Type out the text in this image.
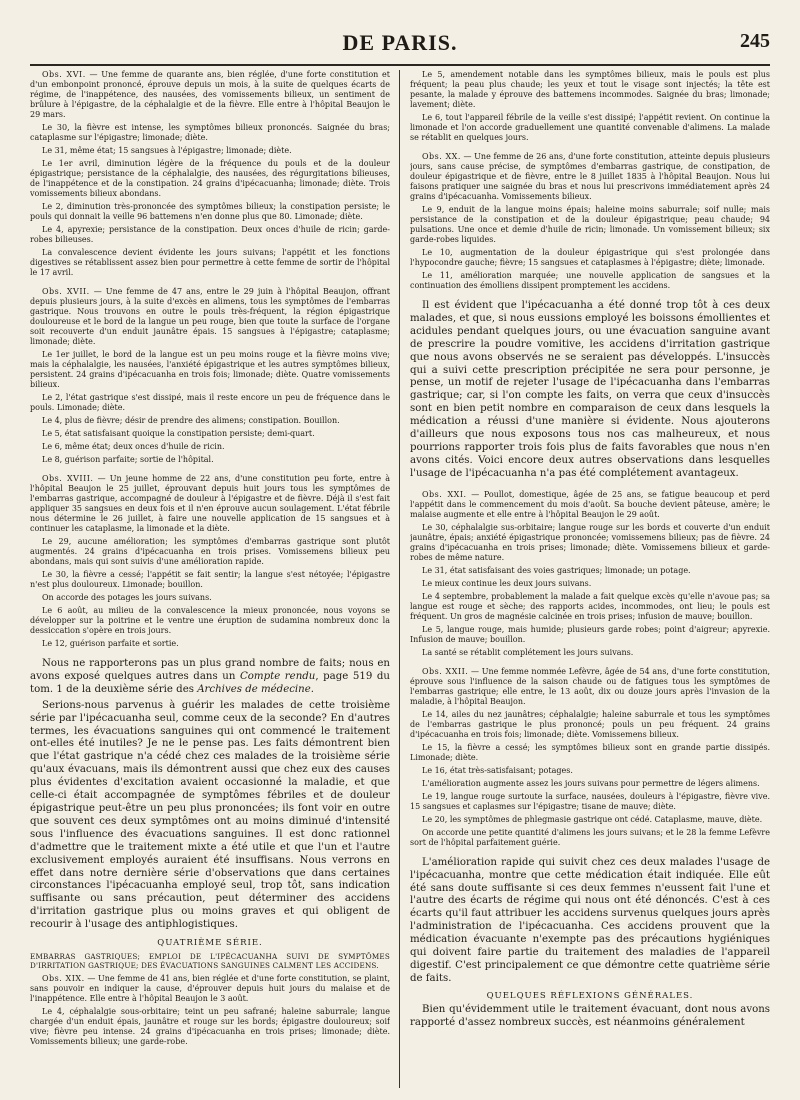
DE PARIS.	245

Obs. XVI. — Une femme de quarante ans, bien réglée, d'une forte constitution et d'un embonpoint prononcé, éprouve depuis un mois, à la suite de quelques écarts de régime, de l'inappétence, des nausées, des vomissements bilieux, un sentiment de brûlure à l'épigastre, de la céphalalgie et de la fièvre. Elle entre à l'hôpital Beaujon le 29 mars.

Le 30, la fièvre est intense, les symptômes bilieux prononcés. Saignée du bras; cataplasme sur l'épigastre; limonade; diète.

Le 31, même état; 15 sangsues à l'épigastre; limonade; diète.

Le 1er avril, diminution légère de la fréquence du pouls et de la douleur épigastrique; persistance de la céphalalgie, des nausées, des régurgitations bilieuses, de l'inappétence et de la constipation. 24 grains d'ipécacuanha; limonade; diète. Trois vomissements bilieux abondans.

Le 2, diminution très-prononcée des symptômes bilieux; la constipation persiste; le pouls qui donnait la veille 96 battemens n'en donne plus que 80. Limonade; diète.

Le 4, apyrexie; persistance de la constipation. Deux onces d'huile de ricin; garde-robes bilieuses.

La convalescence devient évidente les jours suivans; l'appétit et les fonctions digestives se rétablissent assez bien pour permettre à cette femme de sortir de l'hôpital le 17 avril.

Obs. XVII. — Une femme de 47 ans, entre le 29 juin à l'hôpital Beaujon, offrant depuis plusieurs jours, à la suite d'excès en alimens, tous les symptômes de l'embarras gastrique. Nous trouvons en outre le pouls très-fréquent, la région épigastrique douloureuse et le bord de la langue un peu rouge, bien que toute la surface de l'organe soit recouverte d'un enduit jaunâtre épais. 15 sangsues à l'épigastre; cataplasme; limonade; diète.

Le 1er juillet, le bord de la langue est un peu moins rouge et la fièvre moins vive; mais la céphalalgie, les nausées, l'anxiété épigastrique et les autres symptômes bilieux, persistent. 24 grains d'ipécacuanha en trois fois; limonade; diète. Quatre vomissements bilieux.

Le 2, l'état gastrique s'est dissipé, mais il reste encore un peu de fréquence dans le pouls. Limonade; diète.

Le 4, plus de fièvre; désir de prendre des alimens; constipation. Bouillon.

Le 5, état satisfaisant quoique la constipation persiste; demi-quart.

Le 6, même état; deux onces d'huile de ricin.

Le 8, guérison parfaite; sortie de l'hôpital.

Obs. XVIII. — Un jeune homme de 22 ans, d'une constitution peu forte, entre à l'hôpital Beaujon le 25 juillet, éprouvant depuis huit jours tous les symptômes de l'embarras gastrique, accompagné de douleur à l'épigastre et de fièvre. Déjà il s'est fait appliquer 35 sangsues en deux fois et il n'en éprouve aucun soulagement. L'état fébrile nous détermine le 26 juillet, à faire une nouvelle application de 15 sangsues et à continuer les cataplasme, la limonade et la diète.

Le 29, aucune amélioration; les symptômes d'embarras gastrique sont plutôt augmentés. 24 grains d'ipécacuanha en trois prises. Vomissemens bilieux peu abondans, mais qui sont suivis d'une amélioration rapide.

Le 30, la fièvre a cessé; l'appétit se fait sentir; la langue s'est nétoyée; l'épigastre n'est plus douloureux. Limonade; bouillon.

On accorde des potages les jours suivans.

Le 6 août, au milieu de la convalescence la mieux prononcée, nous voyons se développer sur la poitrine et le ventre une éruption de sudamina nombreux donc la dessiccation s'opère en trois jours.

Le 12, guérison parfaite et sortie.

Nous ne rapporterons pas un plus grand nombre de faits; nous en avons exposé quelques autres dans un Compte rendu, page 519 du tom. 1 de la deuxième série des Archives de médecine.

Serions-nous parvenus à guérir les malades de cette troisième série par l'ipécacuanha seul, comme ceux de la seconde? En d'autres termes, les évacuations sanguines qui ont commencé le traitement ont-elles été inutiles? Je ne le pense pas. Les faits démontrent bien que l'état gastrique n'a cédé chez ces malades de la troisième série qu'aux évacuans, mais ils démontrent aussi que chez eux des causes plus évidentes d'excitation avaient occasionné la maladie, et que celle-ci était accompagnée de symptômes fébriles et de douleur épigastrique peut-être un peu plus prononcées; ils font voir en outre que souvent ces deux symptômes ont au moins diminué d'intensité sous l'influence des évacuations sanguines. Il est donc rationnel d'admettre que le traitement mixte a été utile et que l'un et l'autre exclusivement employés auraient été insuffisans. Nous verrons en effet dans notre dernière série d'observations que dans certaines circonstances l'ipécacuanha employé seul, trop tôt, sans indication suffisante ou sans précaution, peut déterminer des accidens d'irritation gastrique plus ou moins graves et qui obligent de recourir à l'usage des antiphlogistiques.

QUATRIÈME SÉRIE.
EMBARRAS GASTRIQUES; EMPLOI DE L'IPÉCACUANHA SUIVI DE SYMPTÔMES D'IRRITATION GASTRIQUE; DES ÉVACUATIONS SANGUINES CALMENT LES ACCIDENS.

Obs. XIX. — Une femme de 41 ans, bien réglée et d'une forte constitution, se plaint, sans pouvoir en indiquer la cause, d'éprouver depuis huit jours du malaise et de l'inappétence. Elle entre à l'hôpital Beaujon le 3 août.

Le 4, céphalalgie sous-orbitaire; teint un peu safrané; haleine saburrale; langue chargée d'un enduit épais, jaunâtre et rouge sur les bords; épigastre douloureux; soif vive; fièvre peu intense. 24 grains d'ipécacuanha en trois prises; limonade; diète. Vomissements bilieux; une garde-robe.

Le 5, amendement notable dans les symptômes bilieux, mais le pouls est plus fréquent; la peau plus chaude; les yeux et tout le visage sont injectés; la tête est pesante, la malade y éprouve des battemens incommodes. Saignée du bras; limonade; lavement; diète.

Le 6, tout l'appareil fébrile de la veille s'est dissipé; l'appétit revient. On continue la limonade et l'on accorde graduellement une quantité convenable d'alimens. La malade se rétablit en quelques jours.

Obs. XX. — Une femme de 26 ans, d'une forte constitution, atteinte depuis plusieurs jours, sans cause précise, de symptômes d'embarras gastrique, de constipation, de douleur épigastrique et de fièvre, entre le 8 juillet 1835 à l'hôpital Beaujon. Nous lui faisons pratiquer une saignée du bras et nous lui prescrivons immédiatement après 24 grains d'ipécacuanha. Vomissements bilieux.

Le 9, enduit de la langue moins épais; haleine moins saburrale; soif nulle; mais persistance de la constipation et de la douleur épigastrique; peau chaude; 94 pulsations. Une once et demie d'huile de ricin; limonade. Un vomissement bilieux; six garde-robes liquides.

Le 10, augmentation de la douleur épigastrique qui s'est prolongée dans l'hypocondre gauche; fièvre; 15 sangsues et cataplasmes à l'épigastre; diète; limonade.

Le 11, amélioration marquée; une nouvelle application de sangsues et la continuation des émolliens dissipent promptement les accidens.

Il est évident que l'ipécacuanha a été donné trop tôt à ces deux malades, et que, si nous eussions employé les boissons émollientes et acidules pendant quelques jours, ou une évacuation sanguine avant de prescrire la poudre vomitive, les accidens d'irritation gastrique que nous avons observés ne se seraient pas développés. L'insuccès qui a suivi cette prescription précipitée ne sera pour personne, je pense, un motif de rejeter l'usage de l'ipécacuanha dans l'embarras gastrique; car, si l'on compte les faits, on verra que ceux d'insuccès sont en bien petit nombre en comparaison de ceux dans lesquels la médication a réussi d'une manière si évidente. Nous ajouterons d'ailleurs que nous exposons tous nos cas malheureux, et nous pourrions rapporter trois fois plus de faits favorables que nous n'en avons cités. Voici encore deux autres observations dans lesquelles l'usage de l'ipécacuanha n'a pas été complétement avantageux.

Obs. XXI. — Poullot, domestique, âgée de 25 ans, se fatigue beaucoup et perd l'appétit dans le commencement du mois d'août. Sa bouche devient pâteuse, amère; le malaise augmente et elle entre à l'hôpital Beaujon le 29 août.

Le 30, céphalalgie sus-orbitaire; langue rouge sur les bords et couverte d'un enduit jaunâtre, épais; anxiété épigastrique prononcée; vomissemens bilieux; pas de fièvre. 24 grains d'ipécacuanha en trois prises; limonade; diète. Vomissemens bilieux et garde-robes de même nature.

Le 31, état satisfaisant des voies gastriques; limonade; un potage.

Le mieux continue les deux jours suivans.

Le 4 septembre, probablement la malade a fait quelque excès qu'elle n'avoue pas; sa langue est rouge et sèche; des rapports acides, incommodes, ont lieu; le pouls est fréquent. Un gros de magnésie calcinée en trois prises; infusion de mauve; bouillon.

Le 5, langue rouge, mais humide; plusieurs garde robes; point d'aigreur; apyrexie. Infusion de mauve; bouillon.

La santé se rétablit complétement les jours suivans.

Obs. XXII. — Une femme nommée Lefèvre, âgée de 54 ans, d'une forte constitution, éprouve sous l'influence de la saison chaude ou de fatigues tous les symptômes de l'embarras gastrique; elle entre, le 13 août, dix ou douze jours après l'invasion de la maladie, à l'hôpital Beaujon.

Le 14, ailes du nez jaunâtres; céphalalgie; haleine saburrale et tous les symptômes de l'embarras gastrique le plus prononcé; pouls un peu fréquent. 24 grains d'ipécacuanha en trois fois; limonade; diète. Vomissemens bilieux.

Le 15, la fièvre a cessé; les symptômes bilieux sont en grande partie dissipés. Limonade; diète.

Le 16, état très-satisfaisant; potages.

L'amélioration augmente assez les jours suivans pour permettre de légers alimens.

Le 19, langue rouge surtoute la surface, nausées, douleurs à l'épigastre, fièvre vive. 15 sangsues et caplasmes sur l'épigastre; tisane de mauve; diète.

Le 20, les symptômes de phlegmasie gastrique ont cédé. Cataplasme, mauve, diète.

On accorde une petite quantité d'alimens les jours suivans; et le 28 la femme Lefèvre sort de l'hôpital parfaitement guérie.

L'amélioration rapide qui suivit chez ces deux malades l'usage de l'ipécacuanha, montre que cette médication était indiquée. Elle eût été sans doute suffisante si ces deux femmes n'eussent fait l'une et l'autre des écarts de régime qui nous ont été dénoncés. C'est à ces écarts qu'il faut attribuer les accidens survenus quelques jours après l'administration de l'ipécacuanha. Ces accidens prouvent que la médication évacuante n'exempte pas des précautions hygiéniques qui doivent faire partie du traitement des maladies de l'appareil digestif. C'est principalement ce que démontre cette quatrième série de faits.

QUELQUES RÉFLEXIONS GÉNÉRALES.

Bien qu'évidemment utile le traitement évacuant, dont nous avons rapporté d'assez nombreux succès, est néanmoins généralement
